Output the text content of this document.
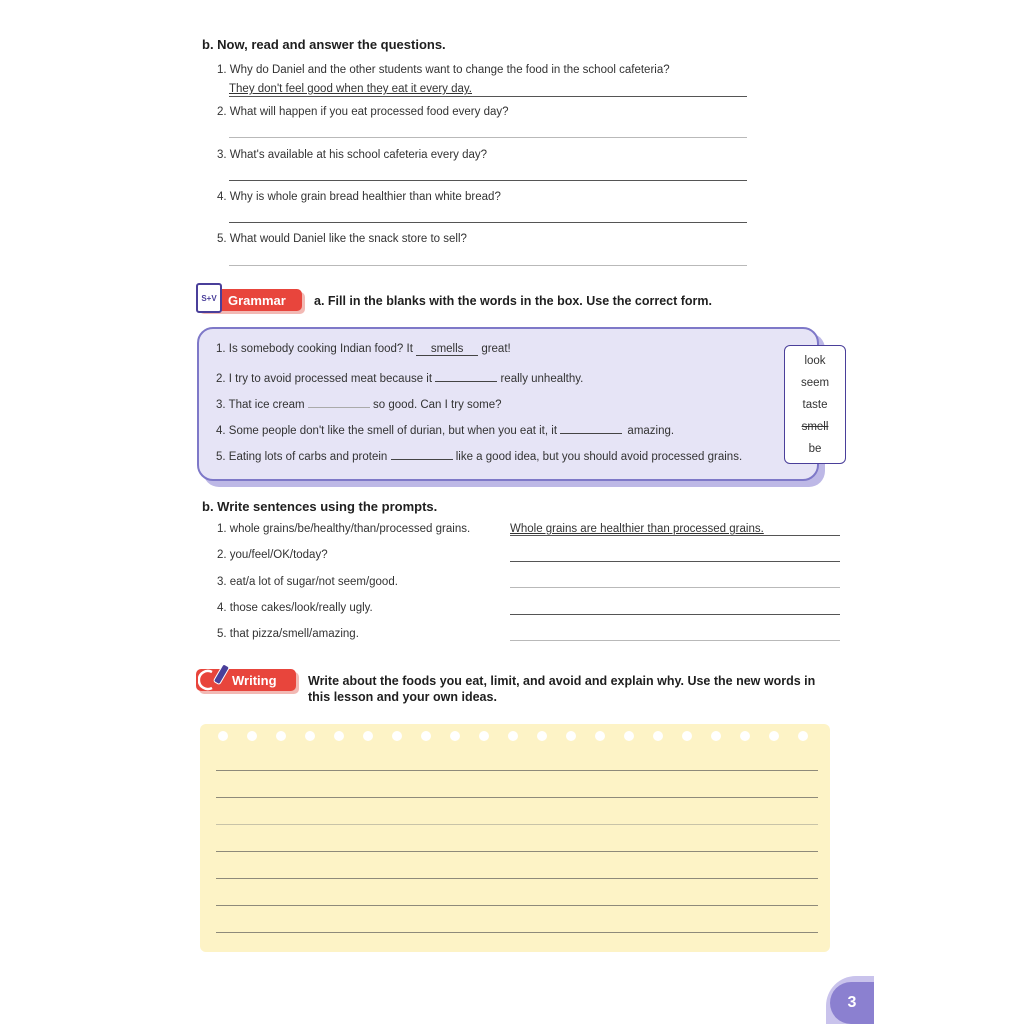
b. Now, read and answer the questions.
1. Why do Daniel and the other students want to change the food in the school cafeteria?
They don't feel good when they eat it every day.
2. What will happen if you eat processed food every day?
3. What's available at his school cafeteria every day?
4. Why is whole grain bread healthier than white bread?
5. What would Daniel like the snack store to sell?
Grammar
S+V	a. Fill in the blanks with the words in the box. Use the correct form.
1. Is somebody cooking Indian food? It smells great!
2. I try to avoid processed meat because it	really unhealthy.
3. That ice cream	so good. Can I try some?
4. Some people don't like the smell of durian, but when you eat it, it	amazing.
5. Eating lots of carbs and protein	like a good idea, but you should avoid processed grains.
look
seem
taste
smell
be
b. Write sentences using the prompts.
1. whole grains/be/healthy/than/processed grains.	Whole grains are healthier than processed grains.
2. you/feel/OK/today?
3. eat/a lot of sugar/not seem/good.
4. those cakes/look/really ugly.
5. that pizza/smell/amazing.
Writing	Write about the foods you eat, limit, and avoid and explain why. Use the new words in
this lesson and your own ideas.
3
